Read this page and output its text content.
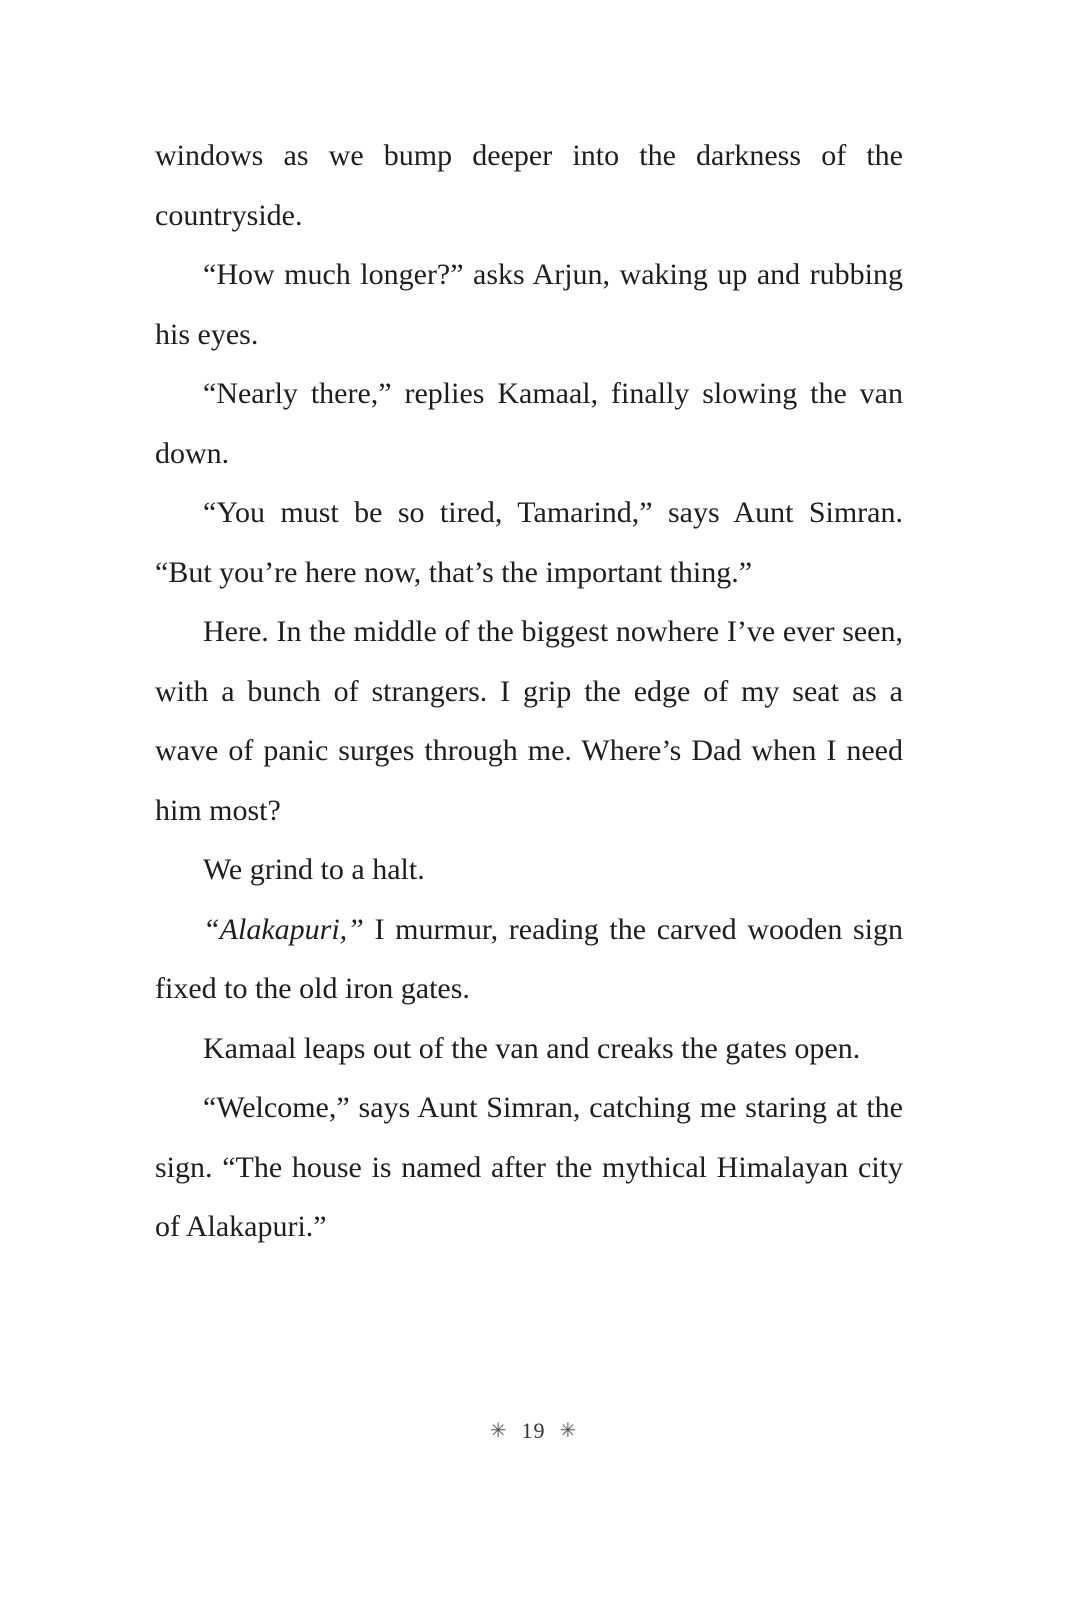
windows as we bump deeper into the darkness of the countryside.

“How much longer?” asks Arjun, waking up and rubbing his eyes.

“Nearly there,” replies Kamaal, finally slowing the van down.

“You must be so tired, Tamarind,” says Aunt Simran. “But you’re here now, that’s the important thing.”

Here. In the middle of the biggest nowhere I’ve ever seen, with a bunch of strangers. I grip the edge of my seat as a wave of panic surges through me. Where’s Dad when I need him most?

We grind to a halt.

“Alakapuri,” I murmur, reading the carved wooden sign fixed to the old iron gates.

Kamaal leaps out of the van and creaks the gates open.

“Welcome,” says Aunt Simran, catching me staring at the sign. “The house is named after the mythical Himalayan city of Alakapuri.”

✳ 19 ✳
